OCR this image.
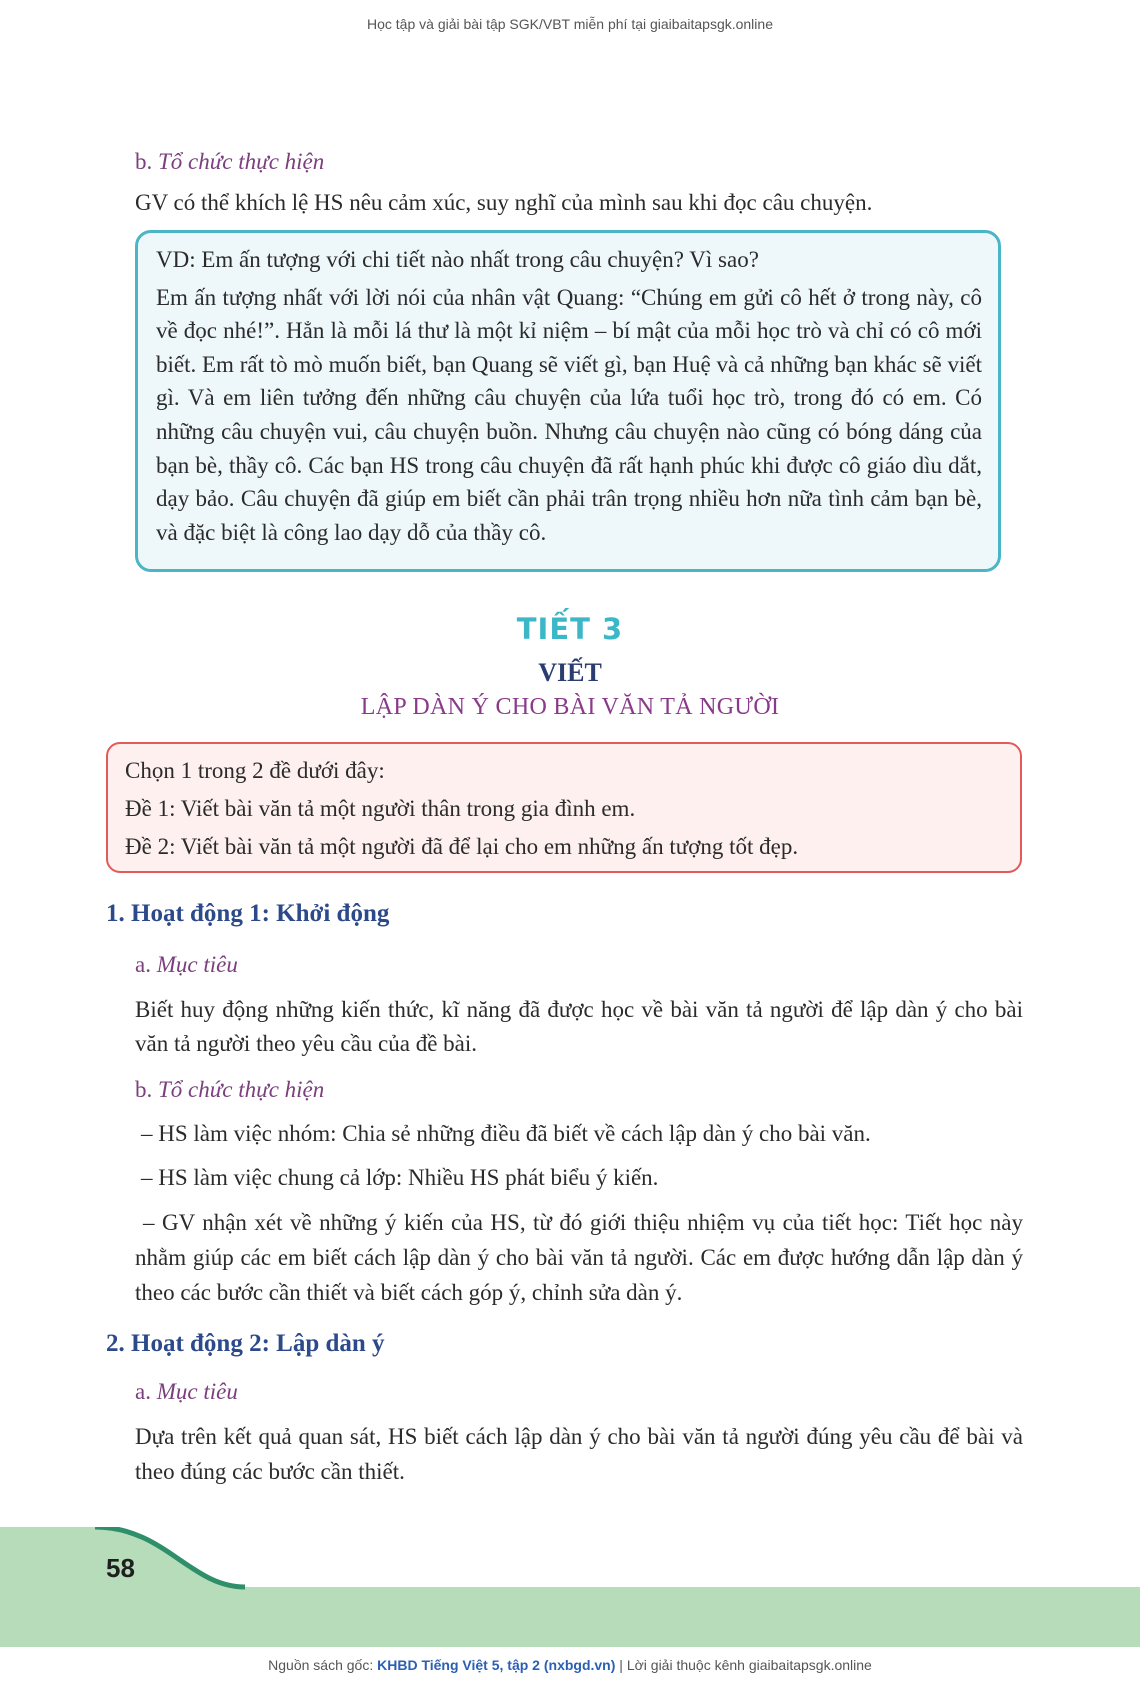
Học tập và giải bài tập SGK/VBT miễn phí tại giaibaitapsgk.online

b. Tổ chức thực hiện

GV có thể khích lệ HS nêu cảm xúc, suy nghĩ của mình sau khi đọc câu chuyện.

VD: Em ấn tượng với chi tiết nào nhất trong câu chuyện? Vì sao?

Em ấn tượng nhất với lời nói của nhân vật Quang: “Chúng em gửi cô hết ở trong này, cô về đọc nhé!”. Hẳn là mỗi lá thư là một kỉ niệm – bí mật của mỗi học trò và chỉ có cô mới biết. Em rất tò mò muốn biết, bạn Quang sẽ viết gì, bạn Huệ và cả những bạn khác sẽ viết gì. Và em liên tưởng đến những câu chuyện của lứa tuổi học trò, trong đó có em. Có những câu chuyện vui, câu chuyện buồn. Nhưng câu chuyện nào cũng có bóng dáng của bạn bè, thầy cô. Các bạn HS trong câu chuyện đã rất hạnh phúc khi được cô giáo dìu dắt, dạy bảo. Câu chuyện đã giúp em biết cần phải trân trọng nhiều hơn nữa tình cảm bạn bè, và đặc biệt là công lao dạy dỗ của thầy cô.

TIẾT 3
VIẾT
LẬP DÀN Ý CHO BÀI VĂN TẢ NGƯỜI

Chọn 1 trong 2 đề dưới đây:

Đề 1: Viết bài văn tả một người thân trong gia đình em.

Đề 2: Viết bài văn tả một người đã để lại cho em những ấn tượng tốt đẹp.

1. Hoạt động 1: Khởi động

a. Mục tiêu

Biết huy động những kiến thức, kĩ năng đã được học về bài văn tả người để lập dàn ý cho bài văn tả người theo yêu cầu của đề bài.

b. Tổ chức thực hiện

– HS làm việc nhóm: Chia sẻ những điều đã biết về cách lập dàn ý cho bài văn.

– HS làm việc chung cả lớp: Nhiều HS phát biểu ý kiến.

– GV nhận xét về những ý kiến của HS, từ đó giới thiệu nhiệm vụ của tiết học: Tiết học này nhằm giúp các em biết cách lập dàn ý cho bài văn tả người. Các em được hướng dẫn lập dàn ý theo các bước cần thiết và biết cách góp ý, chỉnh sửa dàn ý.

2. Hoạt động 2: Lập dàn ý

a. Mục tiêu

Dựa trên kết quả quan sát, HS biết cách lập dàn ý cho bài văn tả người đúng yêu cầu để bài và theo đúng các bước cần thiết.

58
Nguồn sách gốc: KHBD Tiếng Việt 5, tập 2 (nxbgd.vn) | Lời giải thuộc kênh giaibaitapsgk.online
